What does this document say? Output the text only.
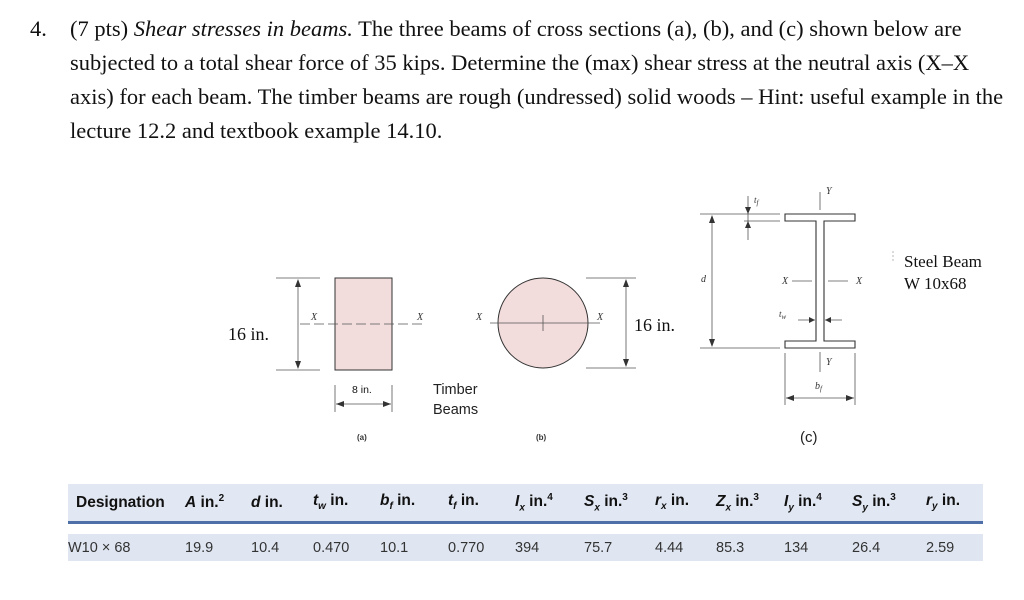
4. (7 pts) Shear stresses in beams. The three beams of cross sections (a), (b), and (c) shown below are subjected to a total shear force of 35 kips. Determine the (max) shear stress at the neutral axis (X–X axis) for each beam. The timber beams are rough (undressed) solid woods – Hint: useful example in the lecture 12.2 and textbook example 14.10.
X	X
16 in.
8 in.
(a)
Timber
Beams
X	X 16 in.
(b)
Y
Y
X	X
d
$t_f$
$t_w$
$b_f$
(c)
Steel Beam
W 10x68
Designation	A in.$^2$	d in.	$t_w$ in.	$b_f$ in.	$t_f$ in.	$I_x$ in.$^4$	$S_x$ in.$^3$	$r_x$ in.	$Z_x$ in.$^3$	$I_y$ in.$^4$	$S_y$ in.$^3$	$r_y$ in.

W10 × 68	19.9	10.4	0.470	10.1	0.770	394	75.7	4.44	85.3	134	26.4	2.59
